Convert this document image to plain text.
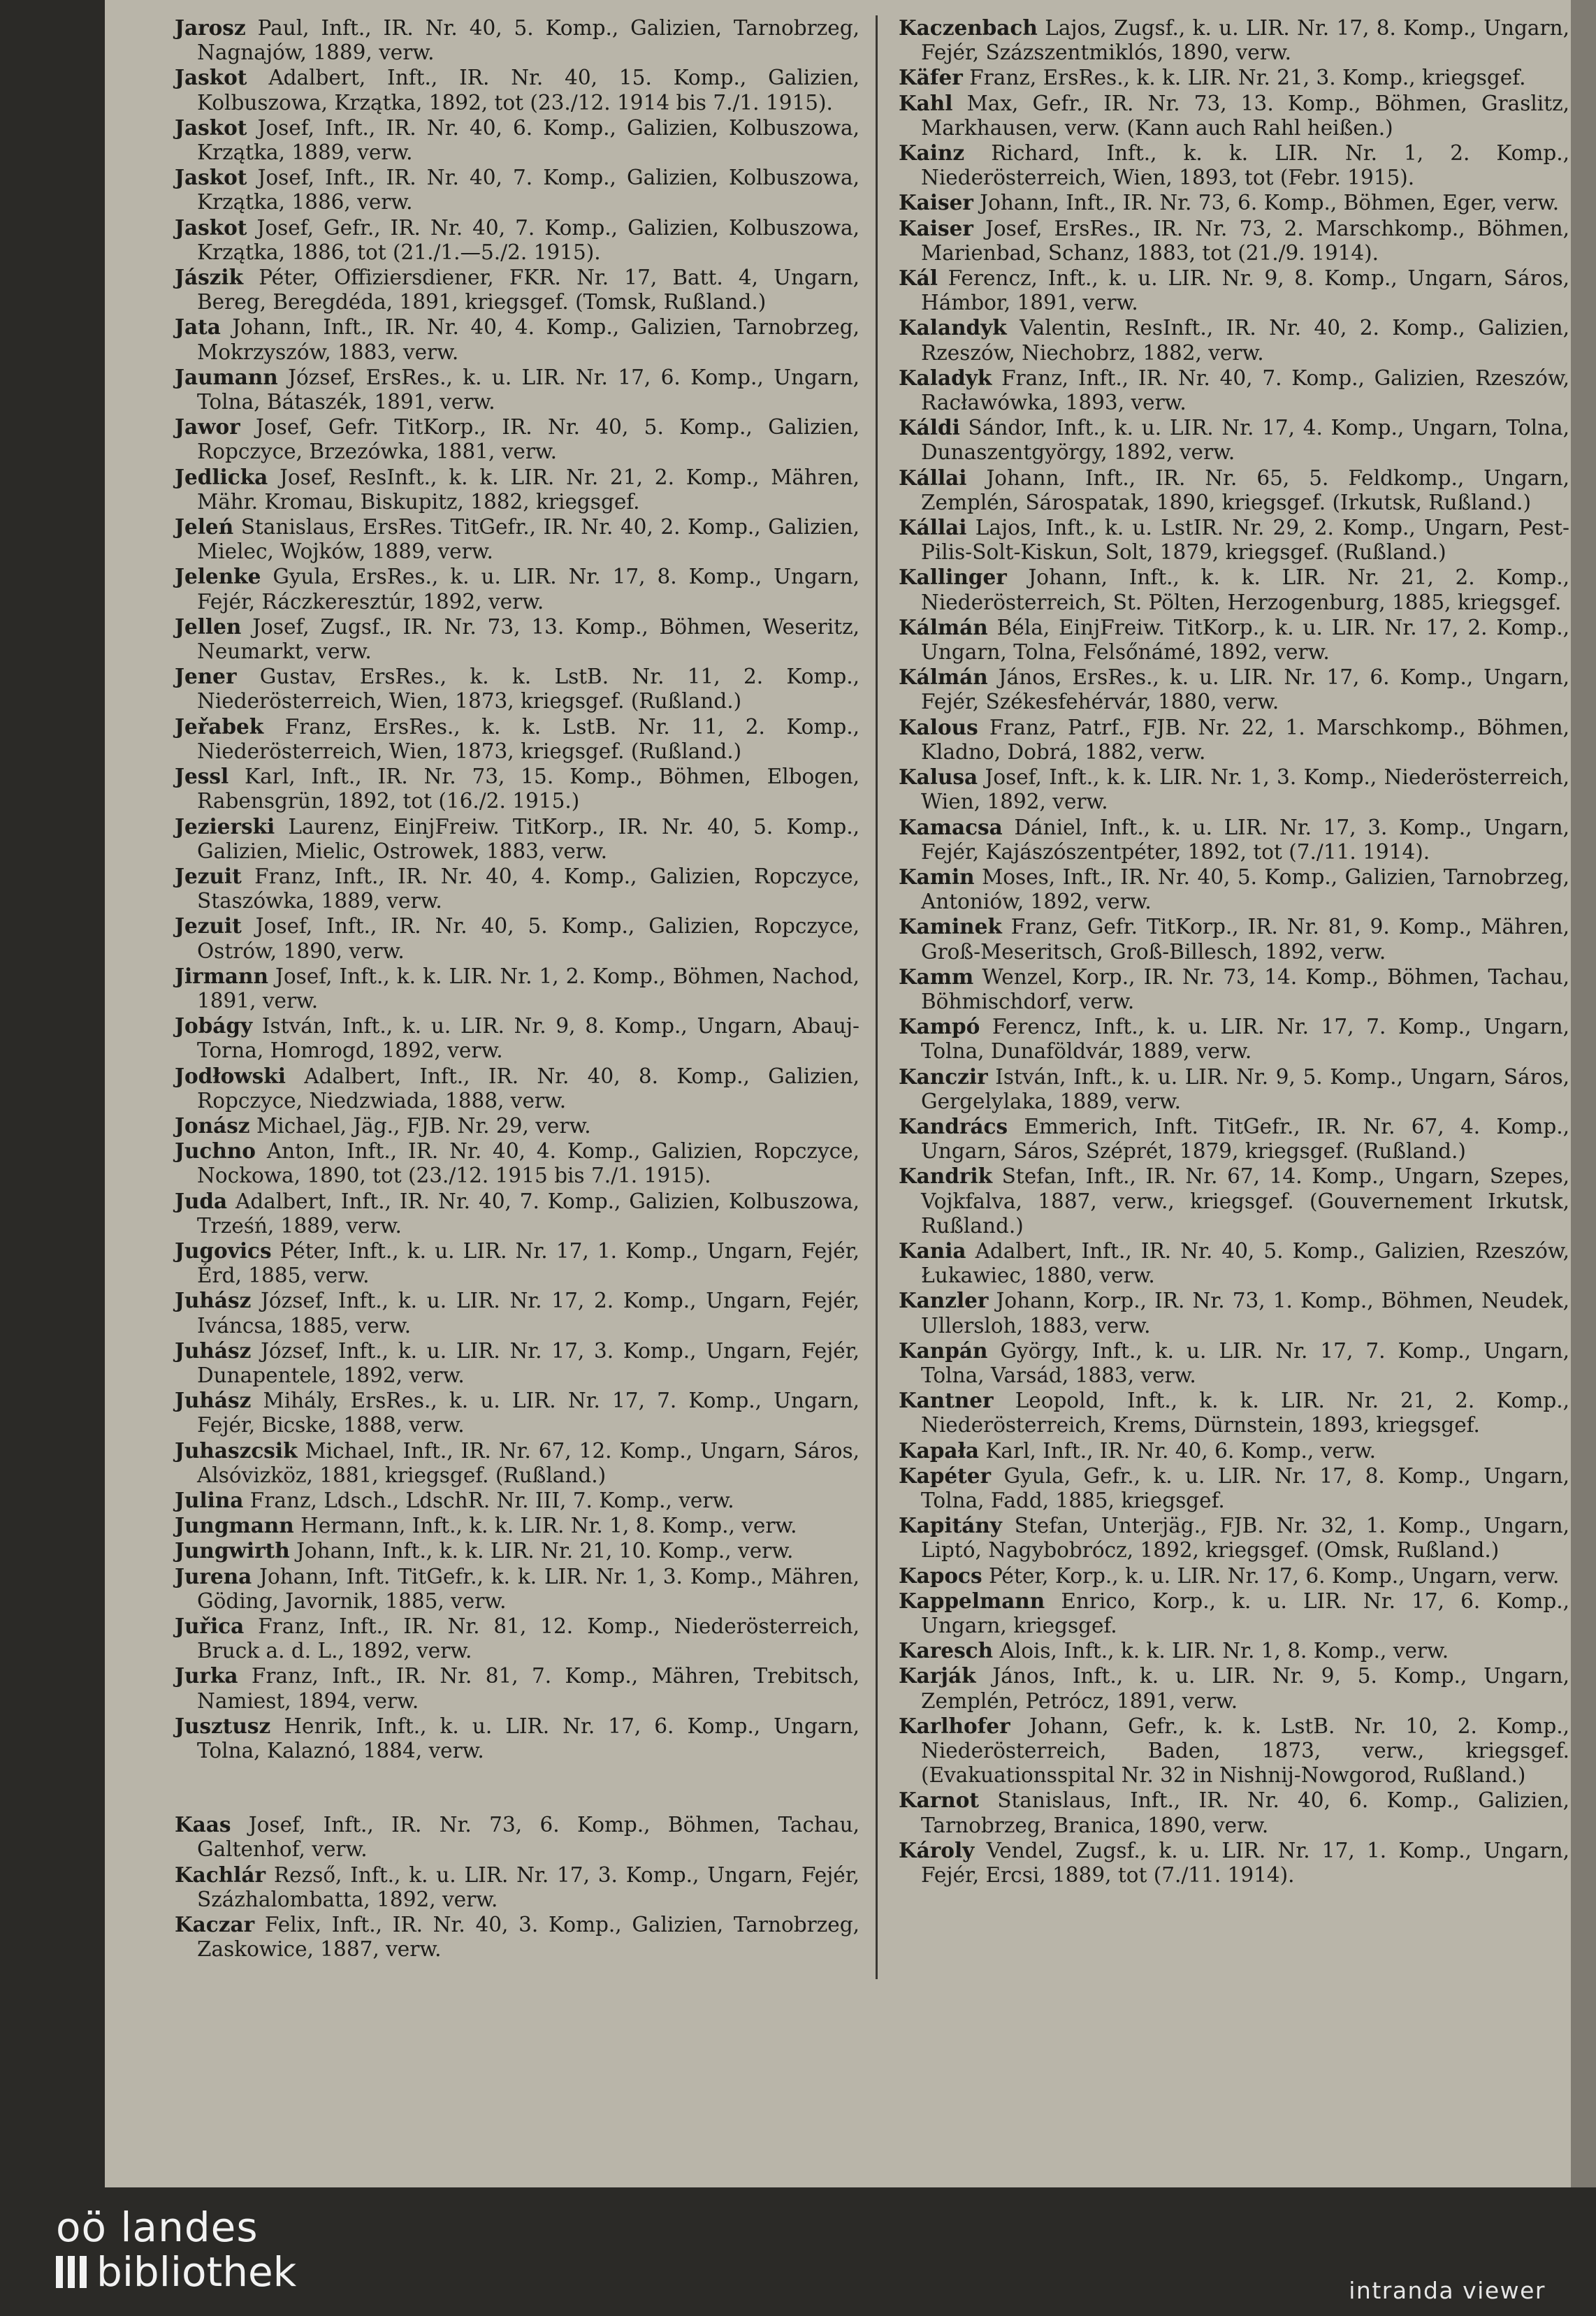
Jarosz Paul, Inft., IR. Nr. 40, 5. Komp., Galizien, Tarnobrzeg, Nagnajów, 1889, verw.

Jaskot Adalbert, Inft., IR. Nr. 40, 15. Komp., Galizien, Kolbuszowa, Krzątka, 1892, tot (23./12. 1914 bis 7./1. 1915).

Jaskot Josef, Inft., IR. Nr. 40, 6. Komp., Galizien, Kolbuszowa, Krzątka, 1889, verw.

Jaskot Josef, Inft., IR. Nr. 40, 7. Komp., Galizien, Kolbuszowa, Krzątka, 1886, verw.

Jaskot Josef, Gefr., IR. Nr. 40, 7. Komp., Galizien, Kolbuszowa, Krzątka, 1886, tot (21./1.—5./2. 1915).

Jászik Péter, Offiziersdiener, FKR. Nr. 17, Batt. 4, Ungarn, Bereg, Beregdéda, 1891, kriegsgef. (Tomsk, Rußland.)

Jata Johann, Inft., IR. Nr. 40, 4. Komp., Galizien, Tarnobrzeg, Mokrzyszów, 1883, verw.

Jaumann József, ErsRes., k. u. LIR. Nr. 17, 6. Komp., Ungarn, Tolna, Bátaszék, 1891, verw.

Jawor Josef, Gefr. TitKorp., IR. Nr. 40, 5. Komp., Galizien, Ropczyce, Brzezówka, 1881, verw.

Jedlicka Josef, ResInft., k. k. LIR. Nr. 21, 2. Komp., Mähren, Mähr. Kromau, Biskupitz, 1882, kriegsgef.

Jeleń Stanislaus, ErsRes. TitGefr., IR. Nr. 40, 2. Komp., Galizien, Mielec, Wojków, 1889, verw.

Jelenke Gyula, ErsRes., k. u. LIR. Nr. 17, 8. Komp., Ungarn, Fejér, Ráczkeresztúr, 1892, verw.

Jellen Josef, Zugsf., IR. Nr. 73, 13. Komp., Böhmen, Weseritz, Neumarkt, verw.

Jener Gustav, ErsRes., k. k. LstB. Nr. 11, 2. Komp., Niederösterreich, Wien, 1873, kriegsgef. (Rußland.)

Jeřabek Franz, ErsRes., k. k. LstB. Nr. 11, 2. Komp., Niederösterreich, Wien, 1873, kriegsgef. (Rußland.)

Jessl Karl, Inft., IR. Nr. 73, 15. Komp., Böhmen, Elbogen, Rabensgrün, 1892, tot (16./2. 1915.)

Jezierski Laurenz, EinjFreiw. TitKorp., IR. Nr. 40, 5. Komp., Galizien, Mielic, Ostrowek, 1883, verw.

Jezuit Franz, Inft., IR. Nr. 40, 4. Komp., Galizien, Ropczyce, Staszówka, 1889, verw.

Jezuit Josef, Inft., IR. Nr. 40, 5. Komp., Galizien, Ropczyce, Ostrów, 1890, verw.

Jirmann Josef, Inft., k. k. LIR. Nr. 1, 2. Komp., Böhmen, Nachod, 1891, verw.

Jobágy István, Inft., k. u. LIR. Nr. 9, 8. Komp., Ungarn, Abauj-Torna, Homrogd, 1892, verw.

Jodłowski Adalbert, Inft., IR. Nr. 40, 8. Komp., Galizien, Ropczyce, Niedzwiada, 1888, verw.

Jonász Michael, Jäg., FJB. Nr. 29, verw.

Juchno Anton, Inft., IR. Nr. 40, 4. Komp., Galizien, Ropczyce, Nockowa, 1890, tot (23./12. 1915 bis 7./1. 1915).

Juda Adalbert, Inft., IR. Nr. 40, 7. Komp., Galizien, Kolbuszowa, Trześń, 1889, verw.

Jugovics Péter, Inft., k. u. LIR. Nr. 17, 1. Komp., Ungarn, Fejér, Érd, 1885, verw.

Juhász József, Inft., k. u. LIR. Nr. 17, 2. Komp., Ungarn, Fejér, Iváncsa, 1885, verw.

Juhász József, Inft., k. u. LIR. Nr. 17, 3. Komp., Ungarn, Fejér, Dunapentele, 1892, verw.

Juhász Mihály, ErsRes., k. u. LIR. Nr. 17, 7. Komp., Ungarn, Fejér, Bicske, 1888, verw.

Juhaszcsik Michael, Inft., IR. Nr. 67, 12. Komp., Ungarn, Sáros, Alsóvizköz, 1881, kriegsgef. (Rußland.)

Julina Franz, Ldsch., LdschR. Nr. III, 7. Komp., verw.

Jungmann Hermann, Inft., k. k. LIR. Nr. 1, 8. Komp., verw.

Jungwirth Johann, Inft., k. k. LIR. Nr. 21, 10. Komp., verw.

Jurena Johann, Inft. TitGefr., k. k. LIR. Nr. 1, 3. Komp., Mähren, Göding, Javornik, 1885, verw.

Juřica Franz, Inft., IR. Nr. 81, 12. Komp., Niederösterreich, Bruck a. d. L., 1892, verw.

Jurka Franz, Inft., IR. Nr. 81, 7. Komp., Mähren, Trebitsch, Namiest, 1894, verw.

Jusztusz Henrik, Inft., k. u. LIR. Nr. 17, 6. Komp., Ungarn, Tolna, Kalaznó, 1884, verw.

Kaas Josef, Inft., IR. Nr. 73, 6. Komp., Böhmen, Tachau, Galtenhof, verw.

Kachlár Rezső, Inft., k. u. LIR. Nr. 17, 3. Komp., Ungarn, Fejér, Százhalombatta, 1892, verw.

Kaczar Felix, Inft., IR. Nr. 40, 3. Komp., Galizien, Tarnobrzeg, Zaskowice, 1887, verw.

Kaczenbach Lajos, Zugsf., k. u. LIR. Nr. 17, 8. Komp., Ungarn, Fejér, Százszentmiklós, 1890, verw.

Käfer Franz, ErsRes., k. k. LIR. Nr. 21, 3. Komp., kriegsgef.

Kahl Max, Gefr., IR. Nr. 73, 13. Komp., Böhmen, Graslitz, Markhausen, verw. (Kann auch Rahl heißen.)

Kainz Richard, Inft., k. k. LIR. Nr. 1, 2. Komp., Niederösterreich, Wien, 1893, tot (Febr. 1915).

Kaiser Johann, Inft., IR. Nr. 73, 6. Komp., Böhmen, Eger, verw.

Kaiser Josef, ErsRes., IR. Nr. 73, 2. Marschkomp., Böhmen, Marienbad, Schanz, 1883, tot (21./9. 1914).

Kál Ferencz, Inft., k. u. LIR. Nr. 9, 8. Komp., Ungarn, Sáros, Hámbor, 1891, verw.

Kalandyk Valentin, ResInft., IR. Nr. 40, 2. Komp., Galizien, Rzeszów, Niechobrz, 1882, verw.

Kaladyk Franz, Inft., IR. Nr. 40, 7. Komp., Galizien, Rzeszów, Racławówka, 1893, verw.

Káldi Sándor, Inft., k. u. LIR. Nr. 17, 4. Komp., Ungarn, Tolna, Dunaszentgyörgy, 1892, verw.

Kállai Johann, Inft., IR. Nr. 65, 5. Feldkomp., Ungarn, Zemplén, Sárospatak, 1890, kriegsgef. (Irkutsk, Rußland.)

Kállai Lajos, Inft., k. u. LstIR. Nr. 29, 2. Komp., Ungarn, Pest-Pilis-Solt-Kiskun, Solt, 1879, kriegsgef. (Rußland.)

Kallinger Johann, Inft., k. k. LIR. Nr. 21, 2. Komp., Niederösterreich, St. Pölten, Herzogenburg, 1885, kriegsgef.

Kálmán Béla, EinjFreiw. TitKorp., k. u. LIR. Nr. 17, 2. Komp., Ungarn, Tolna, Felsőnámé, 1892, verw.

Kálmán János, ErsRes., k. u. LIR. Nr. 17, 6. Komp., Ungarn, Fejér, Székesfehérvár, 1880, verw.

Kalous Franz, Patrf., FJB. Nr. 22, 1. Marschkomp., Böhmen, Kladno, Dobrá, 1882, verw.

Kalusa Josef, Inft., k. k. LIR. Nr. 1, 3. Komp., Niederösterreich, Wien, 1892, verw.

Kamacsa Dániel, Inft., k. u. LIR. Nr. 17, 3. Komp., Ungarn, Fejér, Kajászószentpéter, 1892, tot (7./11. 1914).

Kamin Moses, Inft., IR. Nr. 40, 5. Komp., Galizien, Tarnobrzeg, Antoniów, 1892, verw.

Kaminek Franz, Gefr. TitKorp., IR. Nr. 81, 9. Komp., Mähren, Groß-Meseritsch, Groß-Billesch, 1892, verw.

Kamm Wenzel, Korp., IR. Nr. 73, 14. Komp., Böhmen, Tachau, Böhmischdorf, verw.

Kampó Ferencz, Inft., k. u. LIR. Nr. 17, 7. Komp., Ungarn, Tolna, Dunaföldvár, 1889, verw.

Kanczir István, Inft., k. u. LIR. Nr. 9, 5. Komp., Ungarn, Sáros, Gergelylaka, 1889, verw.

Kandrács Emmerich, Inft. TitGefr., IR. Nr. 67, 4. Komp., Ungarn, Sáros, Széprét, 1879, kriegsgef. (Rußland.)

Kandrik Stefan, Inft., IR. Nr. 67, 14. Komp., Ungarn, Szepes, Vojkfalva, 1887, verw., kriegsgef. (Gouvernement Irkutsk, Rußland.)

Kania Adalbert, Inft., IR. Nr. 40, 5. Komp., Galizien, Rzeszów, Łukawiec, 1880, verw.

Kanzler Johann, Korp., IR. Nr. 73, 1. Komp., Böhmen, Neudek, Ullersloh, 1883, verw.

Kanpán György, Inft., k. u. LIR. Nr. 17, 7. Komp., Ungarn, Tolna, Varsád, 1883, verw.

Kantner Leopold, Inft., k. k. LIR. Nr. 21, 2. Komp., Niederösterreich, Krems, Dürnstein, 1893, kriegsgef.

Kapała Karl, Inft., IR. Nr. 40, 6. Komp., verw.

Kapéter Gyula, Gefr., k. u. LIR. Nr. 17, 8. Komp., Ungarn, Tolna, Fadd, 1885, kriegsgef.

Kapitány Stefan, Unterjäg., FJB. Nr. 32, 1. Komp., Ungarn, Liptó, Nagybobrócz, 1892, kriegsgef. (Omsk, Rußland.)

Kapocs Péter, Korp., k. u. LIR. Nr. 17, 6. Komp., Ungarn, verw.

Kappelmann Enrico, Korp., k. u. LIR. Nr. 17, 6. Komp., Ungarn, kriegsgef.

Karesch Alois, Inft., k. k. LIR. Nr. 1, 8. Komp., verw.

Karják János, Inft., k. u. LIR. Nr. 9, 5. Komp., Ungarn, Zemplén, Petrócz, 1891, verw.

Karlhofer Johann, Gefr., k. k. LstB. Nr. 10, 2. Komp., Niederösterreich, Baden, 1873, verw., kriegsgef. (Evakuationsspital Nr. 32 in Nishnij-Nowgorod, Rußland.)

Karnot Stanislaus, Inft., IR. Nr. 40, 6. Komp., Galizien, Tarnobrzeg, Branica, 1890, verw.

Károly Vendel, Zugsf., k. u. LIR. Nr. 17, 1. Komp., Ungarn, Fejér, Ercsi, 1889, tot (7./11. 1914).

oö landes
bibliothek	intranda viewer
